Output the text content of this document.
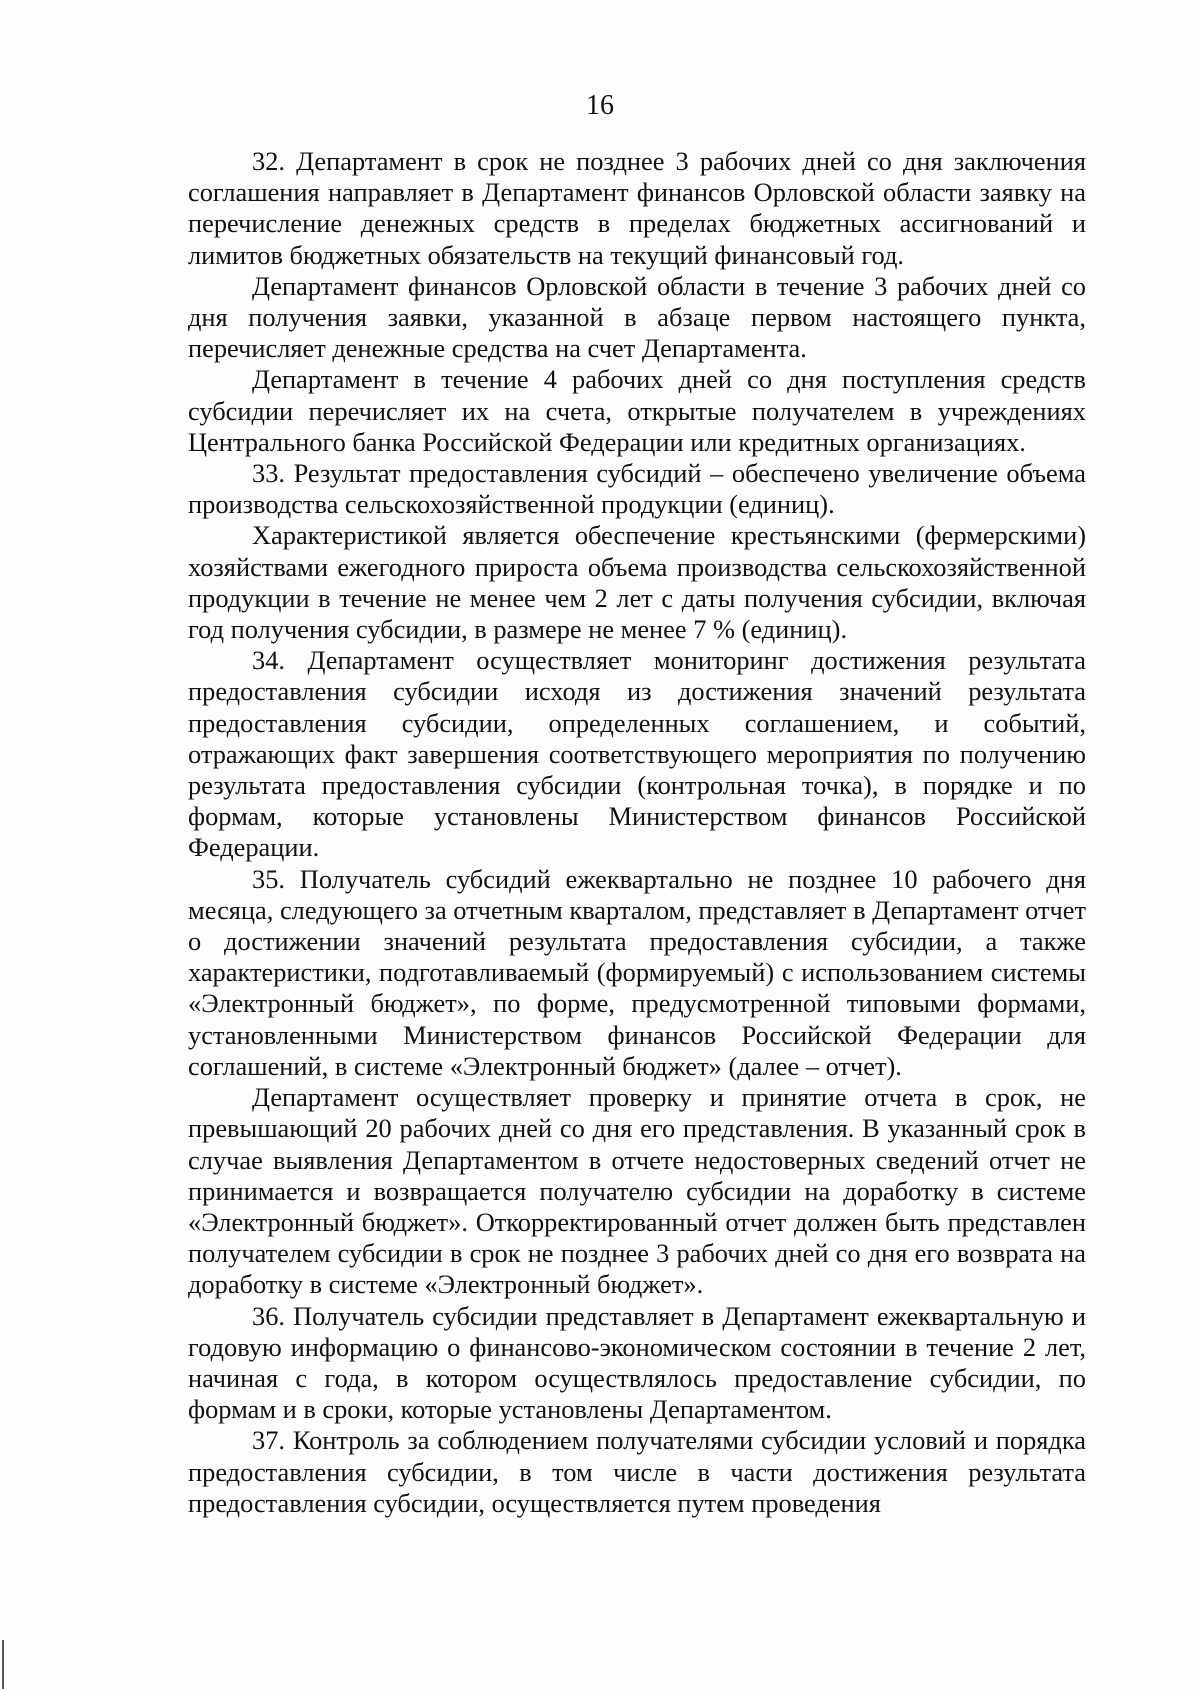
16

32. Департамент в срок не позднее 3 рабочих дней со дня заключения соглашения направляет в Департамент финансов Орловской области заявку на перечисление денежных средств в пределах бюджетных ассигнований и лимитов бюджетных обязательств на текущий финансовый год.

Департамент финансов Орловской области в течение 3 рабочих дней со дня получения заявки, указанной в абзаце первом настоящего пункта, перечисляет денежные средства на счет Департамента.

Департамент в течение 4 рабочих дней со дня поступления средств субсидии перечисляет их на счета, открытые получателем в учреждениях Центрального банка Российской Федерации или кредитных организациях.

33. Результат предоставления субсидий – обеспечено увеличение объема производства сельскохозяйственной продукции (единиц).

Характеристикой является обеспечение крестьянскими (фермерскими) хозяйствами ежегодного прироста объема производства сельскохозяйственной продукции в течение не менее чем 2 лет с даты получения субсидии, включая год получения субсидии, в размере не менее 7 % (единиц).

34. Департамент осуществляет мониторинг достижения результата предоставления субсидии исходя из достижения значений результата предоставления субсидии, определенных соглашением, и событий, отражающих факт завершения соответствующего мероприятия по получению результата предоставления субсидии (контрольная точка), в порядке и по формам, которые установлены Министерством финансов Российской Федерации.

35. Получатель субсидий ежеквартально не позднее 10 рабочего дня месяца, следующего за отчетным кварталом, представляет в Департамент отчет о достижении значений результата предоставления субсидии, а также характеристики, подготавливаемый (формируемый) с использованием системы «Электронный бюджет», по форме, предусмотренной типовыми формами, установленными Министерством финансов Российской Федерации для соглашений, в системе «Электронный бюджет» (далее – отчет).

Департамент осуществляет проверку и принятие отчета в срок, не превышающий 20 рабочих дней со дня его представления. В указанный срок в случае выявления Департаментом в отчете недостоверных сведений отчет не принимается и возвращается получателю субсидии на доработку в системе «Электронный бюджет». Откорректированный отчет должен быть представлен получателем субсидии в срок не позднее 3 рабочих дней со дня его возврата на доработку в системе «Электронный бюджет».

36. Получатель субсидии представляет в Департамент ежеквартальную и годовую информацию о финансово-экономическом состоянии в течение 2 лет, начиная с года, в котором осуществлялось предоставление субсидии, по формам и в сроки, которые установлены Департаментом.

37. Контроль за соблюдением получателями субсидии условий и порядка предоставления субсидии, в том числе в части достижения результата предоставления субсидии, осуществляется путем проведения
